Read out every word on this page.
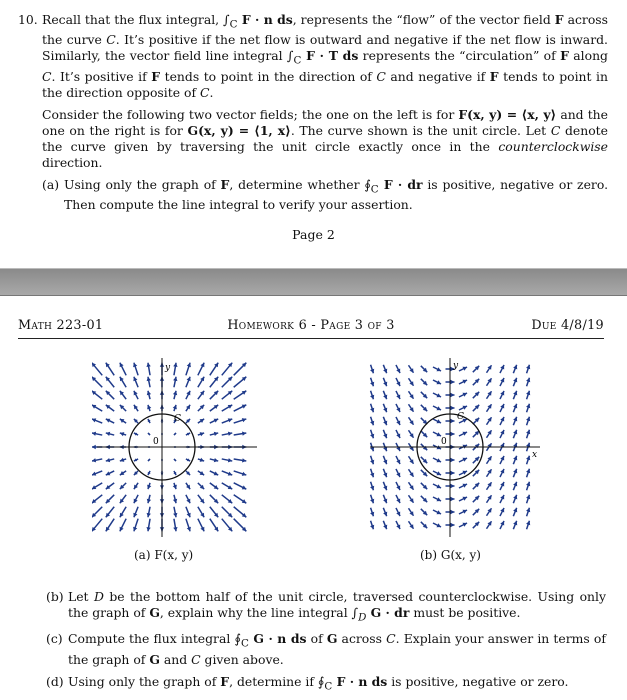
10. Recall that the flux integral, $\int_C$ F · n ds, represents the “flow” of the vector field F across the curve C. It’s positive if the net flow is outward and negative if the net flow is inward. Similarly, the vector field line integral $\int_C$ F · T ds represents the “circulation” of F along C. It’s positive if F tends to point in the direction of C and negative if F tends to point in the direction opposite of C.

Consider the following two vector fields; the one on the left is for F(x, y) = ⟨x, y⟩ and the one on the right is for G(x, y) = ⟨1, x⟩. The curve shown is the unit circle. Let C denote the curve given by traversing the unit circle exactly once in the counterclockwise direction.

(a) Using only the graph of F, determine whether $∮_C$ F · dr is positive, negative or zero. Then compute the line integral to verify your assertion.
Page 2
Math 223-01	Homework 6 - Page 3 of 3	Due 4/8/19
y
0
C
(a) F(x, y)
y
x
0
C
(b) G(x, y)
(b) Let D be the bottom half of the unit circle, traversed counterclockwise. Using only the graph of G, explain why the line integral $\int_D$ G · dr must be positive.
(c) Compute the flux integral $∮_C$ G · n ds of G across C. Explain your answer in terms of the graph of G and C given above.
(d) Using only the graph of F, determine if $∮_C$ F · n ds is positive, negative or zero.
